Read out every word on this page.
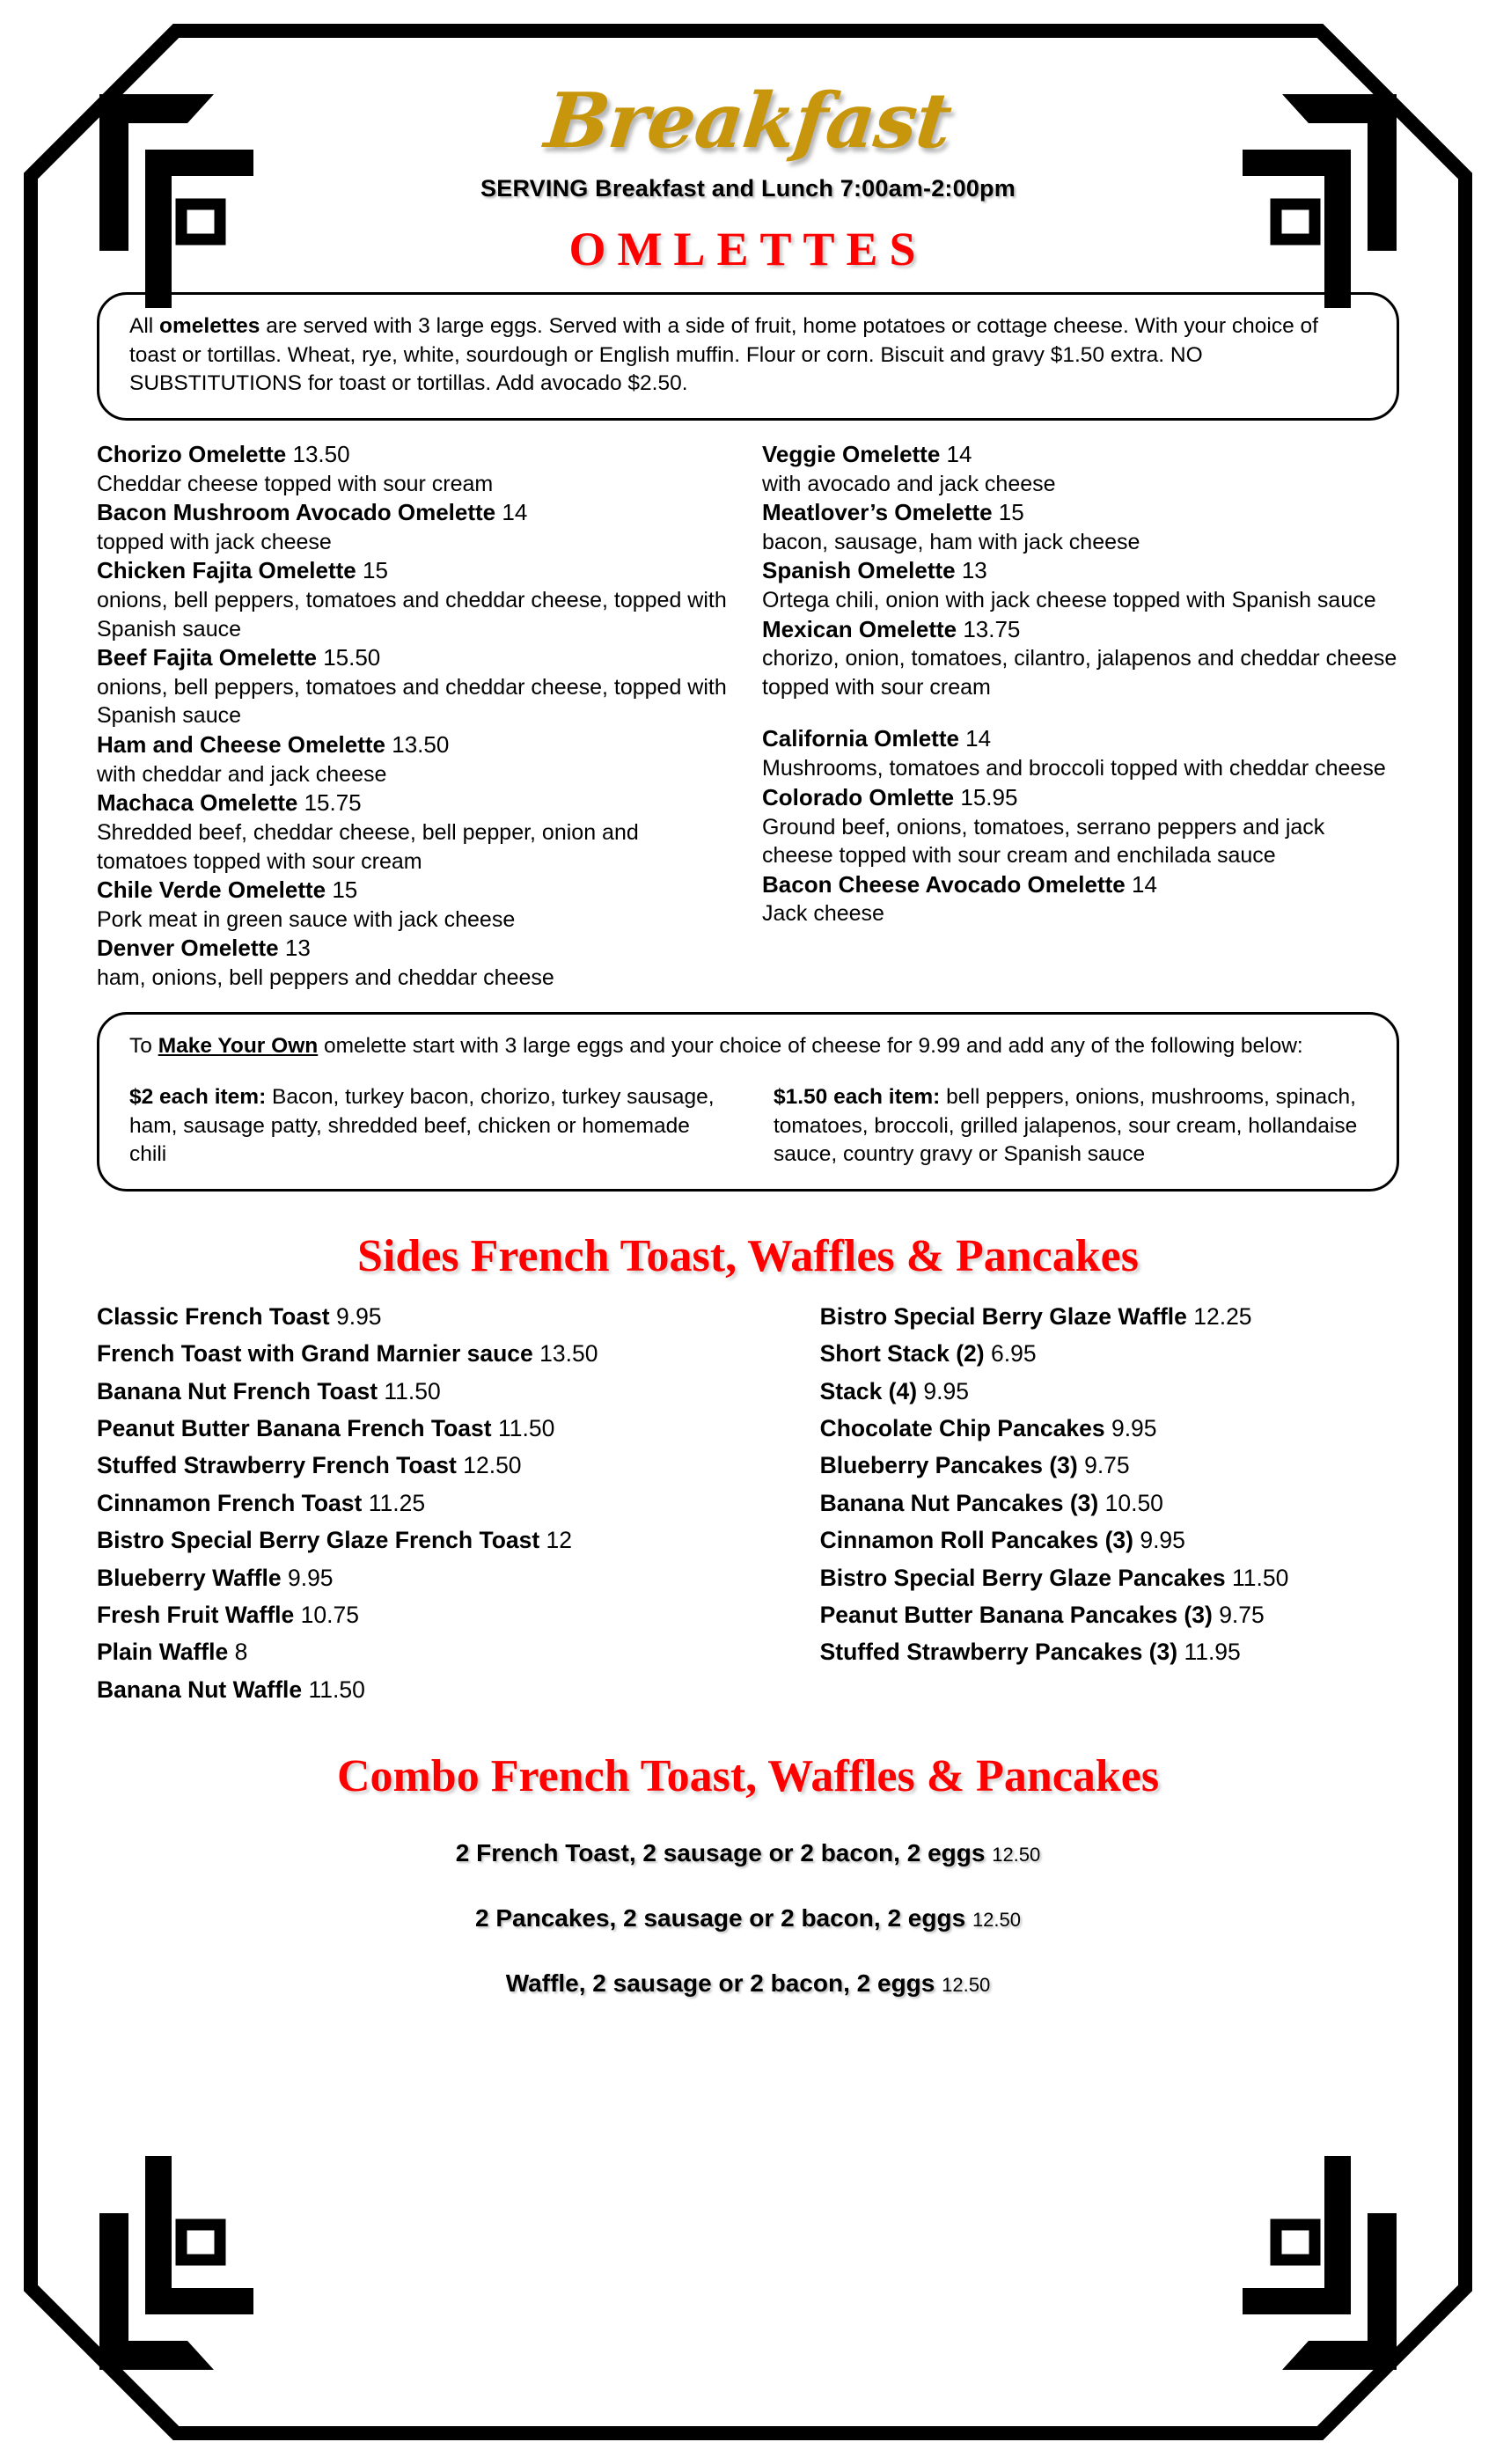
Breakfast
SERVING Breakfast and Lunch 7:00am-2:00pm
OMLETTES

All omelettes are served with 3 large eggs. Served with a side of fruit, home potatoes or cottage cheese. With your choice of toast or tortillas. Wheat, rye, white, sourdough or English muffin. Flour or corn. Biscuit and gravy $1.50 extra. NO SUBSTITUTIONS for toast or tortillas. Add avocado $2.50.

Chorizo Omelette 13.50
Cheddar cheese topped with sour cream
Bacon Mushroom Avocado Omelette 14
topped with jack cheese
Chicken Fajita Omelette 15
onions, bell peppers, tomatoes and cheddar cheese, topped with Spanish sauce
Beef Fajita Omelette 15.50
onions, bell peppers, tomatoes and cheddar cheese, topped with Spanish sauce
Ham and Cheese Omelette 13.50
with cheddar and jack cheese
Machaca Omelette 15.75
Shredded beef, cheddar cheese, bell pepper, onion and tomatoes topped with sour cream
Chile Verde Omelette 15
Pork meat in green sauce with jack cheese
Denver Omelette 13
ham, onions, bell peppers and cheddar cheese
Veggie Omelette 14
with avocado and jack cheese
Meatlover’s Omelette 15
bacon, sausage, ham with jack cheese
Spanish Omelette 13
Ortega chili, onion with jack cheese topped with Spanish sauce
Mexican Omelette 13.75
chorizo, onion, tomatoes, cilantro, jalapenos and cheddar cheese topped with sour cream
California Omlette 14
Mushrooms, tomatoes and broccoli topped with cheddar cheese
Colorado Omlette 15.95
Ground beef, onions, tomatoes, serrano peppers and jack cheese topped with sour cream and enchilada sauce
Bacon Cheese Avocado Omelette 14
Jack cheese

To Make Your Own omelette start with 3 large eggs and your choice of cheese for 9.99 and add any of the following below:

$2 each item: Bacon, turkey bacon, chorizo, turkey sausage, ham, sausage patty, shredded beef, chicken or homemade chili
$1.50 each item: bell peppers, onions, mushrooms, spinach, tomatoes, broccoli, grilled jalapenos, sour cream, hollandaise sauce, country gravy or Spanish sauce
Sides French Toast, Waffles & Pancakes
Classic French Toast 9.95
French Toast with Grand Marnier sauce 13.50
Banana Nut French Toast 11.50
Peanut Butter Banana French Toast 11.50
Stuffed Strawberry French Toast 12.50
Cinnamon French Toast 11.25
Bistro Special Berry Glaze French Toast 12
Blueberry Waffle 9.95
Fresh Fruit Waffle 10.75
Plain Waffle 8
Banana Nut Waffle 11.50
Bistro Special Berry Glaze Waffle 12.25
Short Stack (2) 6.95
Stack (4) 9.95
Chocolate Chip Pancakes 9.95
Blueberry Pancakes (3) 9.75
Banana Nut Pancakes (3) 10.50
Cinnamon Roll Pancakes (3) 9.95
Bistro Special Berry Glaze Pancakes 11.50
Peanut Butter Banana Pancakes (3) 9.75
Stuffed Strawberry Pancakes (3) 11.95
Combo French Toast, Waffles & Pancakes
2 French Toast, 2 sausage or 2 bacon, 2 eggs 12.50
2 Pancakes, 2 sausage or 2 bacon, 2 eggs 12.50
Waffle, 2 sausage or 2 bacon, 2 eggs 12.50
